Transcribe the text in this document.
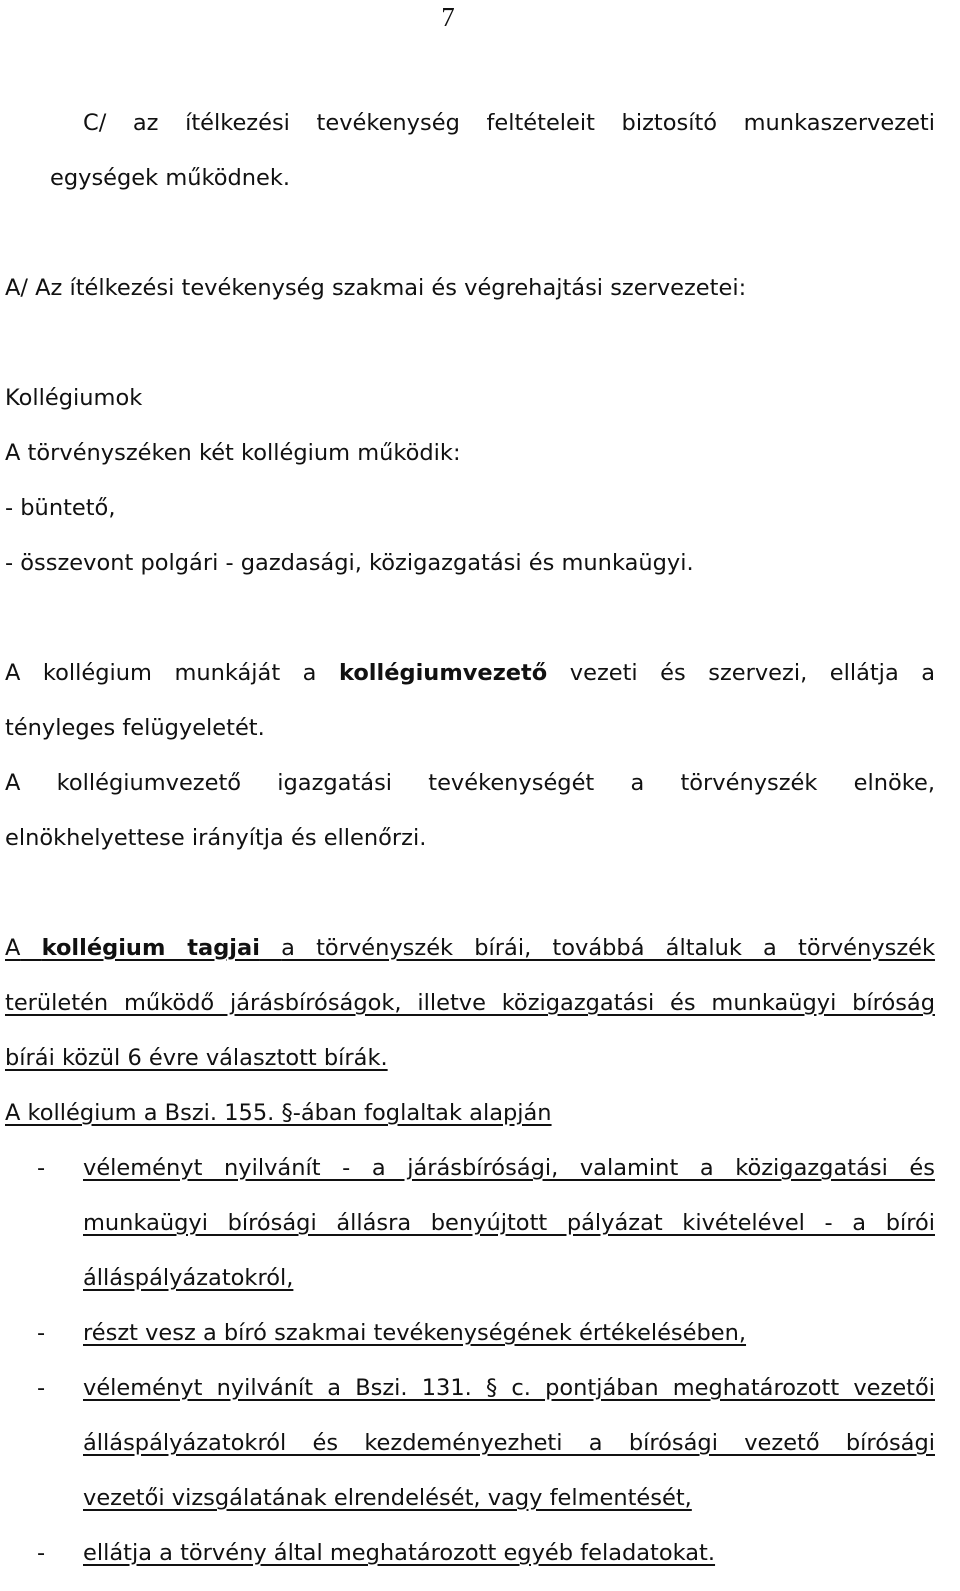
7
C/ az ítélkezési tevékenység feltételeit biztosító munkaszervezeti
egységek működnek.
A/ Az ítélkezési tevékenység szakmai és végrehajtási szervezetei:
Kollégiumok
A törvényszéken két kollégium működik:
- büntető,
- összevont polgári - gazdasági, közigazgatási és munkaügyi.
A kollégium munkáját a kollégiumvezető vezeti és szervezi, ellátja a
tényleges felügyeletét.
A kollégiumvezető igazgatási tevékenységét a törvényszék elnöke,
elnökhelyettese irányítja és ellenőrzi.
A kollégium tagjai a törvényszék bírái, továbbá általuk a törvényszék
területén működő járásbíróságok, illetve közigazgatási és munkaügyi bíróság
bírái közül 6 évre választott bírák.
A kollégium a Bszi. 155. §-ában foglaltak alapján
- véleményt nyilvánít - a járásbírósági, valamint a közigazgatási és
munkaügyi bírósági állásra benyújtott pályázat kivételével - a bírói
álláspályázatokról,
- részt vesz a bíró szakmai tevékenységének értékelésében,
- véleményt nyilvánít a Bszi. 131. § c. pontjában meghatározott vezetői
álláspályázatokról és kezdeményezheti a bírósági vezető bírósági
vezetői vizsgálatának elrendelését, vagy felmentését,
- ellátja a törvény által meghatározott egyéb feladatokat.
